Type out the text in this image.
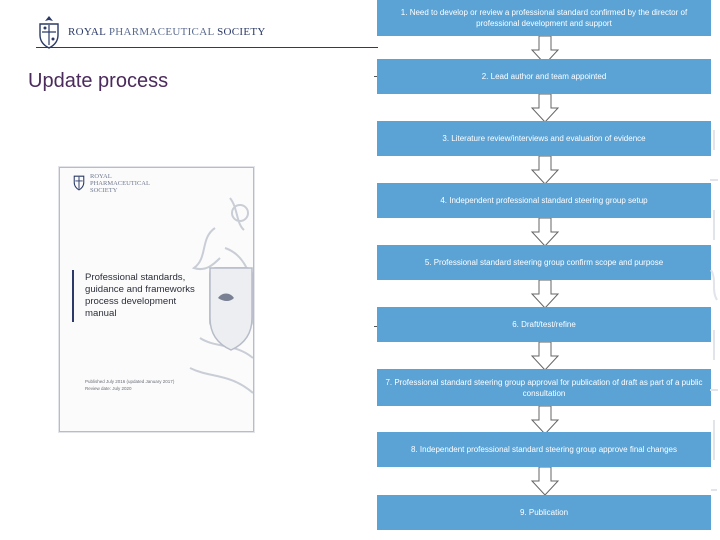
ROYAL PHARMACEUTICAL SOCIETY
Update process
ROYAL
PHARMACEUTICAL
SOCIETY
Professional standards, guidance and frameworks process development manual
Published July 2016 (updated January 2017)
Review date: July 2020
1. Need to develop or review a professional standard confirmed by the director of professional development and support
2. Lead author and team appointed
3. Literature review/interviews and evaluation of evidence
4. Independent professional standard steering group setup
5. Professional standard steering group confirm scope and purpose
6. Draft/test/refine
7. Professional standard steering group approval for publication of draft as part of a public consultation
8. Independent professional standard steering group approve final changes
9. Publication
